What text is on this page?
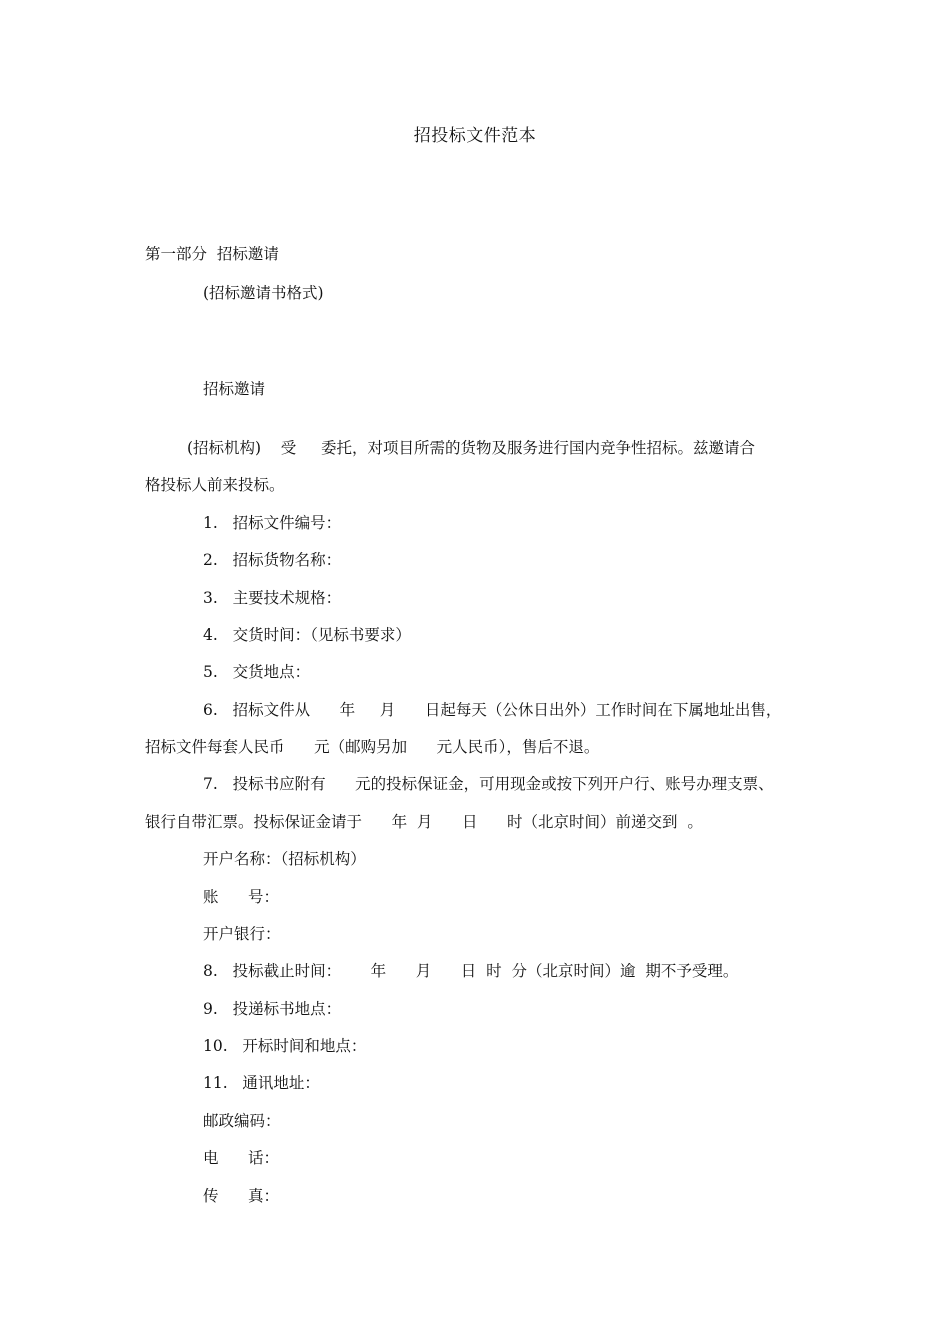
招投标文件范本
第一部分  招标邀请
(招标邀请书格式)
招标邀请
(招标机构)    受     委托，对项目所需的货物及服务进行国内竞争性招标。兹邀请合
格投标人前来投标。
1.   招标文件编号：
2.   招标货物名称：
3.   主要技术规格：
4.   交货时间：（见标书要求）
5.   交货地点：
6.   招标文件从      年     月      日起每天（公休日出外）工作时间在下属地址出售，
招标文件每套人民币      元（邮购另加      元人民币），售后不退。
7.   投标书应附有      元的投标保证金，可用现金或按下列开户行、账号办理支票、
银行自带汇票。投标保证金请于      年  月      日      时（北京时间）前递交到  。
开户名称：（招标机构）
账      号：
开户银行：
8.   投标截止时间：      年      月      日  时  分（北京时间）逾  期不予受理。
9.   投递标书地点：
10.   开标时间和地点：
11.   通讯地址：
邮政编码：
电      话：
传      真：
